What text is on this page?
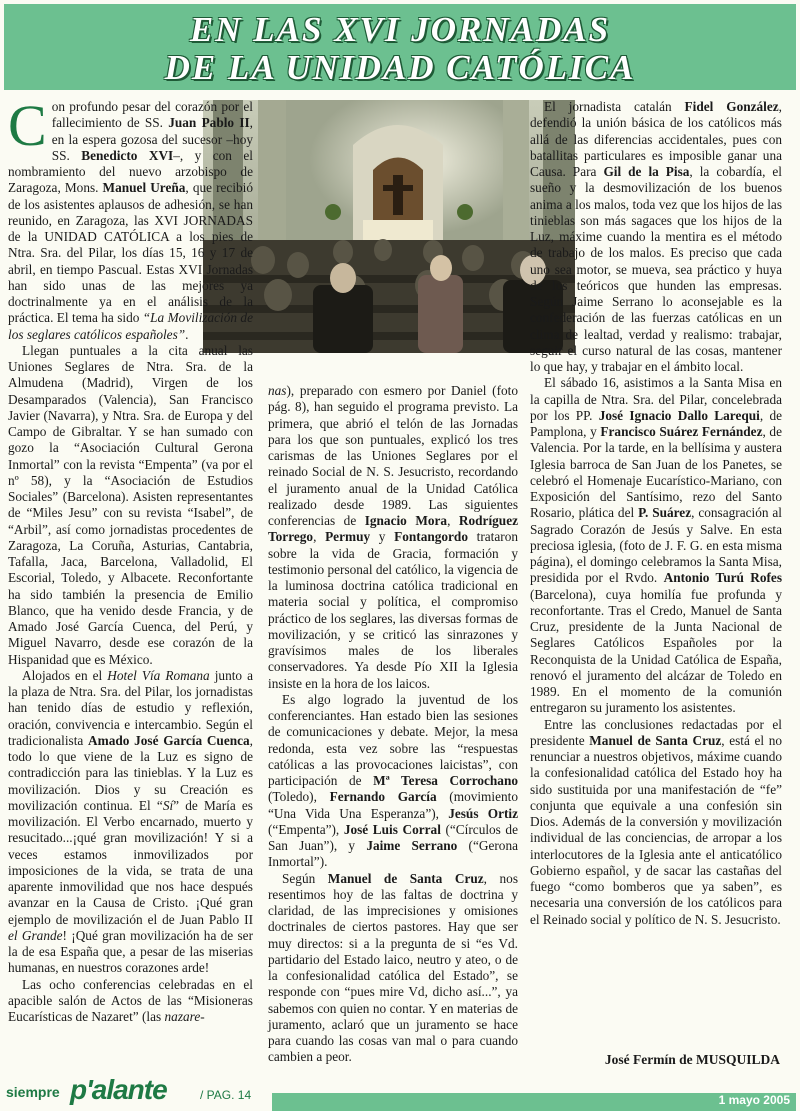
EN LAS XVI JORNADAS
DE LA UNIDAD CATÓLICA

Con profundo pesar del corazón por el fallecimiento de SS. Juan Pablo II, en la espera gozosa del sucesor –hoy SS. Benedicto XVI–, y con el nombramiento del nuevo arzobispo de Zaragoza, Mons. Manuel Ureña, que recibió de los asistentes aplausos de adhesión, se han reunido, en Zaragoza, las XVI JORNADAS de la UNIDAD CATÓLICA a los pies de Ntra. Sra. del Pilar, los días 15, 16 y 17 de abril, en tiempo Pascual. Estas XVI Jornadas han sido unas de las mejores ya doctrinalmente ya en el análisis de la práctica. El tema ha sido “La Movilización de los seglares católicos españoles”.

Llegan puntuales a la cita anual las Uniones Seglares de Ntra. Sra. de la Almudena (Madrid), Virgen de los Desamparados (Valencia), San Francisco Javier (Navarra), y Ntra. Sra. de Europa y del Campo de Gibraltar. Y se han sumado con gozo la “Asociación Cultural Gerona Inmortal” con la revista “Empenta” (va por el nº 58), y la “Asociación de Estudios Sociales” (Barcelona). Asisten representantes de “Miles Jesu” con su revista “Isabel”, de “Arbil”, así como jornadistas procedentes de Zaragoza, La Coruña, Asturias, Cantabria, Tafalla, Jaca, Barcelona, Valladolid, El Escorial, Toledo, y Albacete. Reconfortante ha sido también la presencia de Emilio Blanco, que ha venido desde Francia, y de Amado José García Cuenca, del Perú, y Miguel Navarro, desde ese corazón de la Hispanidad que es México.

Alojados en el Hotel Vía Romana junto a la plaza de Ntra. Sra. del Pilar, los jornadistas han tenido días de estudio y reflexión, oración, convivencia e intercambio. Según el tradicionalista Amado José García Cuenca, todo lo que viene de la Luz es signo de contradicción para las tinieblas. Y la Luz es movilización. Dios y su Creación es movilización continua. El “Sí” de María es movilización. El Verbo encarnado, muerto y resucitado...¡qué gran movilización! Y si a veces estamos inmovilizados por imposiciones de la vida, se trata de una aparente inmovilidad que nos hace después avanzar en la Causa de Cristo. ¡Qué gran ejemplo de movilización el de Juan Pablo II el Grande! ¡Qué gran movilización ha de ser la de esa España que, a pesar de las miserias humanas, en nuestros corazones arde!

Las ocho conferencias celebradas en el apacible salón de Actos de las “Misioneras Eucarísticas de Nazaret” (las nazare-

nas), preparado con esmero por Daniel (foto pág. 8), han seguido el programa previsto. La primera, que abrió el telón de las Jornadas para los que son puntuales, explicó los tres carismas de las Uniones Seglares por el reinado Social de N. S. Jesucristo, recordando el juramento anual de la Unidad Católica realizado desde 1989. Las siguientes conferencias de Ignacio Mora, Rodríguez Torrego, Permuy y Fontangordo trataron sobre la vida de Gracia, formación y testimonio personal del católico, la vigencia de la luminosa doctrina católica tradicional en materia social y política, el compromiso práctico de los seglares, las diversas formas de movilización, y se criticó las sinrazones y gravísimos males de los liberales conservadores. Ya desde Pío XII la Iglesia insiste en la hora de los laicos.

Es algo logrado la juventud de los conferenciantes. Han estado bien las sesiones de comunicaciones y debate. Mejor, la mesa redonda, esta vez sobre las “respuestas católicas a las provocaciones laicistas”, con participación de Mª Teresa Corrochano (Toledo), Fernando García (movimiento “Una Vida Una Esperanza”), Jesús Ortiz (“Empenta”), José Luis Corral (“Círculos de San Juan”), y Jaime Serrano (“Gerona Inmortal”).

Según Manuel de Santa Cruz, nos resentimos hoy de las faltas de doctrina y claridad, de las imprecisiones y omisiones doctrinales de ciertos pastores. Hay que ser muy directos: si a la pregunta de si “es Vd. partidario del Estado laico, neutro y ateo, o de la confesionalidad católica del Estado”, se responde con “pues mire Vd, dicho así...”, ya sabemos con quien no contar. Y en materias de juramento, aclaró que un juramento se hace para cuando las cosas van mal o para cuando cambien a peor.

El jornadista catalán Fidel González, defendió la unión básica de los católicos más allá de las diferencias accidentales, pues con batallitas particulares es imposible ganar una Causa. Para Gil de la Pisa, la cobardía, el sueño y la desmovilización de los buenos anima a los malos, toda vez que los hijos de las tinieblas son más sagaces que los hijos de la Luz, máxime cuando la mentira es el método de trabajo de los malos. Es preciso que cada uno sea motor, se mueva, sea práctico y huya de los teóricos que hunden las empresas. Según Jaime Serrano lo aconsejable es la confederación de las fuerzas católicas en un clima de lealtad, verdad y realismo: trabajar, seguir el curso natural de las cosas, mantener lo que hay, y trabajar en el ámbito local.

El sábado 16, asistimos a la Santa Misa en la capilla de Ntra. Sra. del Pilar, concelebrada por los PP. José Ignacio Dallo Larequi, de Pamplona, y Francisco Suárez Fernández, de Valencia. Por la tarde, en la bellísima y austera Iglesia barroca de San Juan de los Panetes, se celebró el Homenaje Eucarístico-Mariano, con Exposición del Santísimo, rezo del Santo Rosario, plática del P. Suárez, consagración al Sagrado Corazón de Jesús y Salve. En esta preciosa iglesia, (foto de J. F. G. en esta misma página), el domingo celebramos la Santa Misa, presidida por el Rvdo. Antonio Turú Rofes (Barcelona), cuya homilía fue profunda y reconfortante. Tras el Credo, Manuel de Santa Cruz, presidente de la Junta Nacional de Seglares Católicos Españoles por la Reconquista de la Unidad Católica de España, renovó el juramento del alcázar de Toledo en 1989. En el momento de la comunión entregaron su juramento los asistentes.

Entre las conclusiones redactadas por el presidente Manuel de Santa Cruz, está el no renunciar a nuestros objetivos, máxime cuando la confesionalidad católica del Estado hoy ha sido sustituida por una manifestación de “fe” conjunta que equivale a una confesión sin Dios. Además de la conversión y movilización individual de las conciencias, de arropar a los interlocutores de la Iglesia ante el anticatólico Gobierno español, y de sacar las castañas del fuego “como bomberos que ya saben”, es necesaria una conversión de los católicos para el Reinado social y político de N. S. Jesucristo.

José Fermín de MUSQUILDA
siempre p'alante	/ PAG. 14	1 mayo 2005
